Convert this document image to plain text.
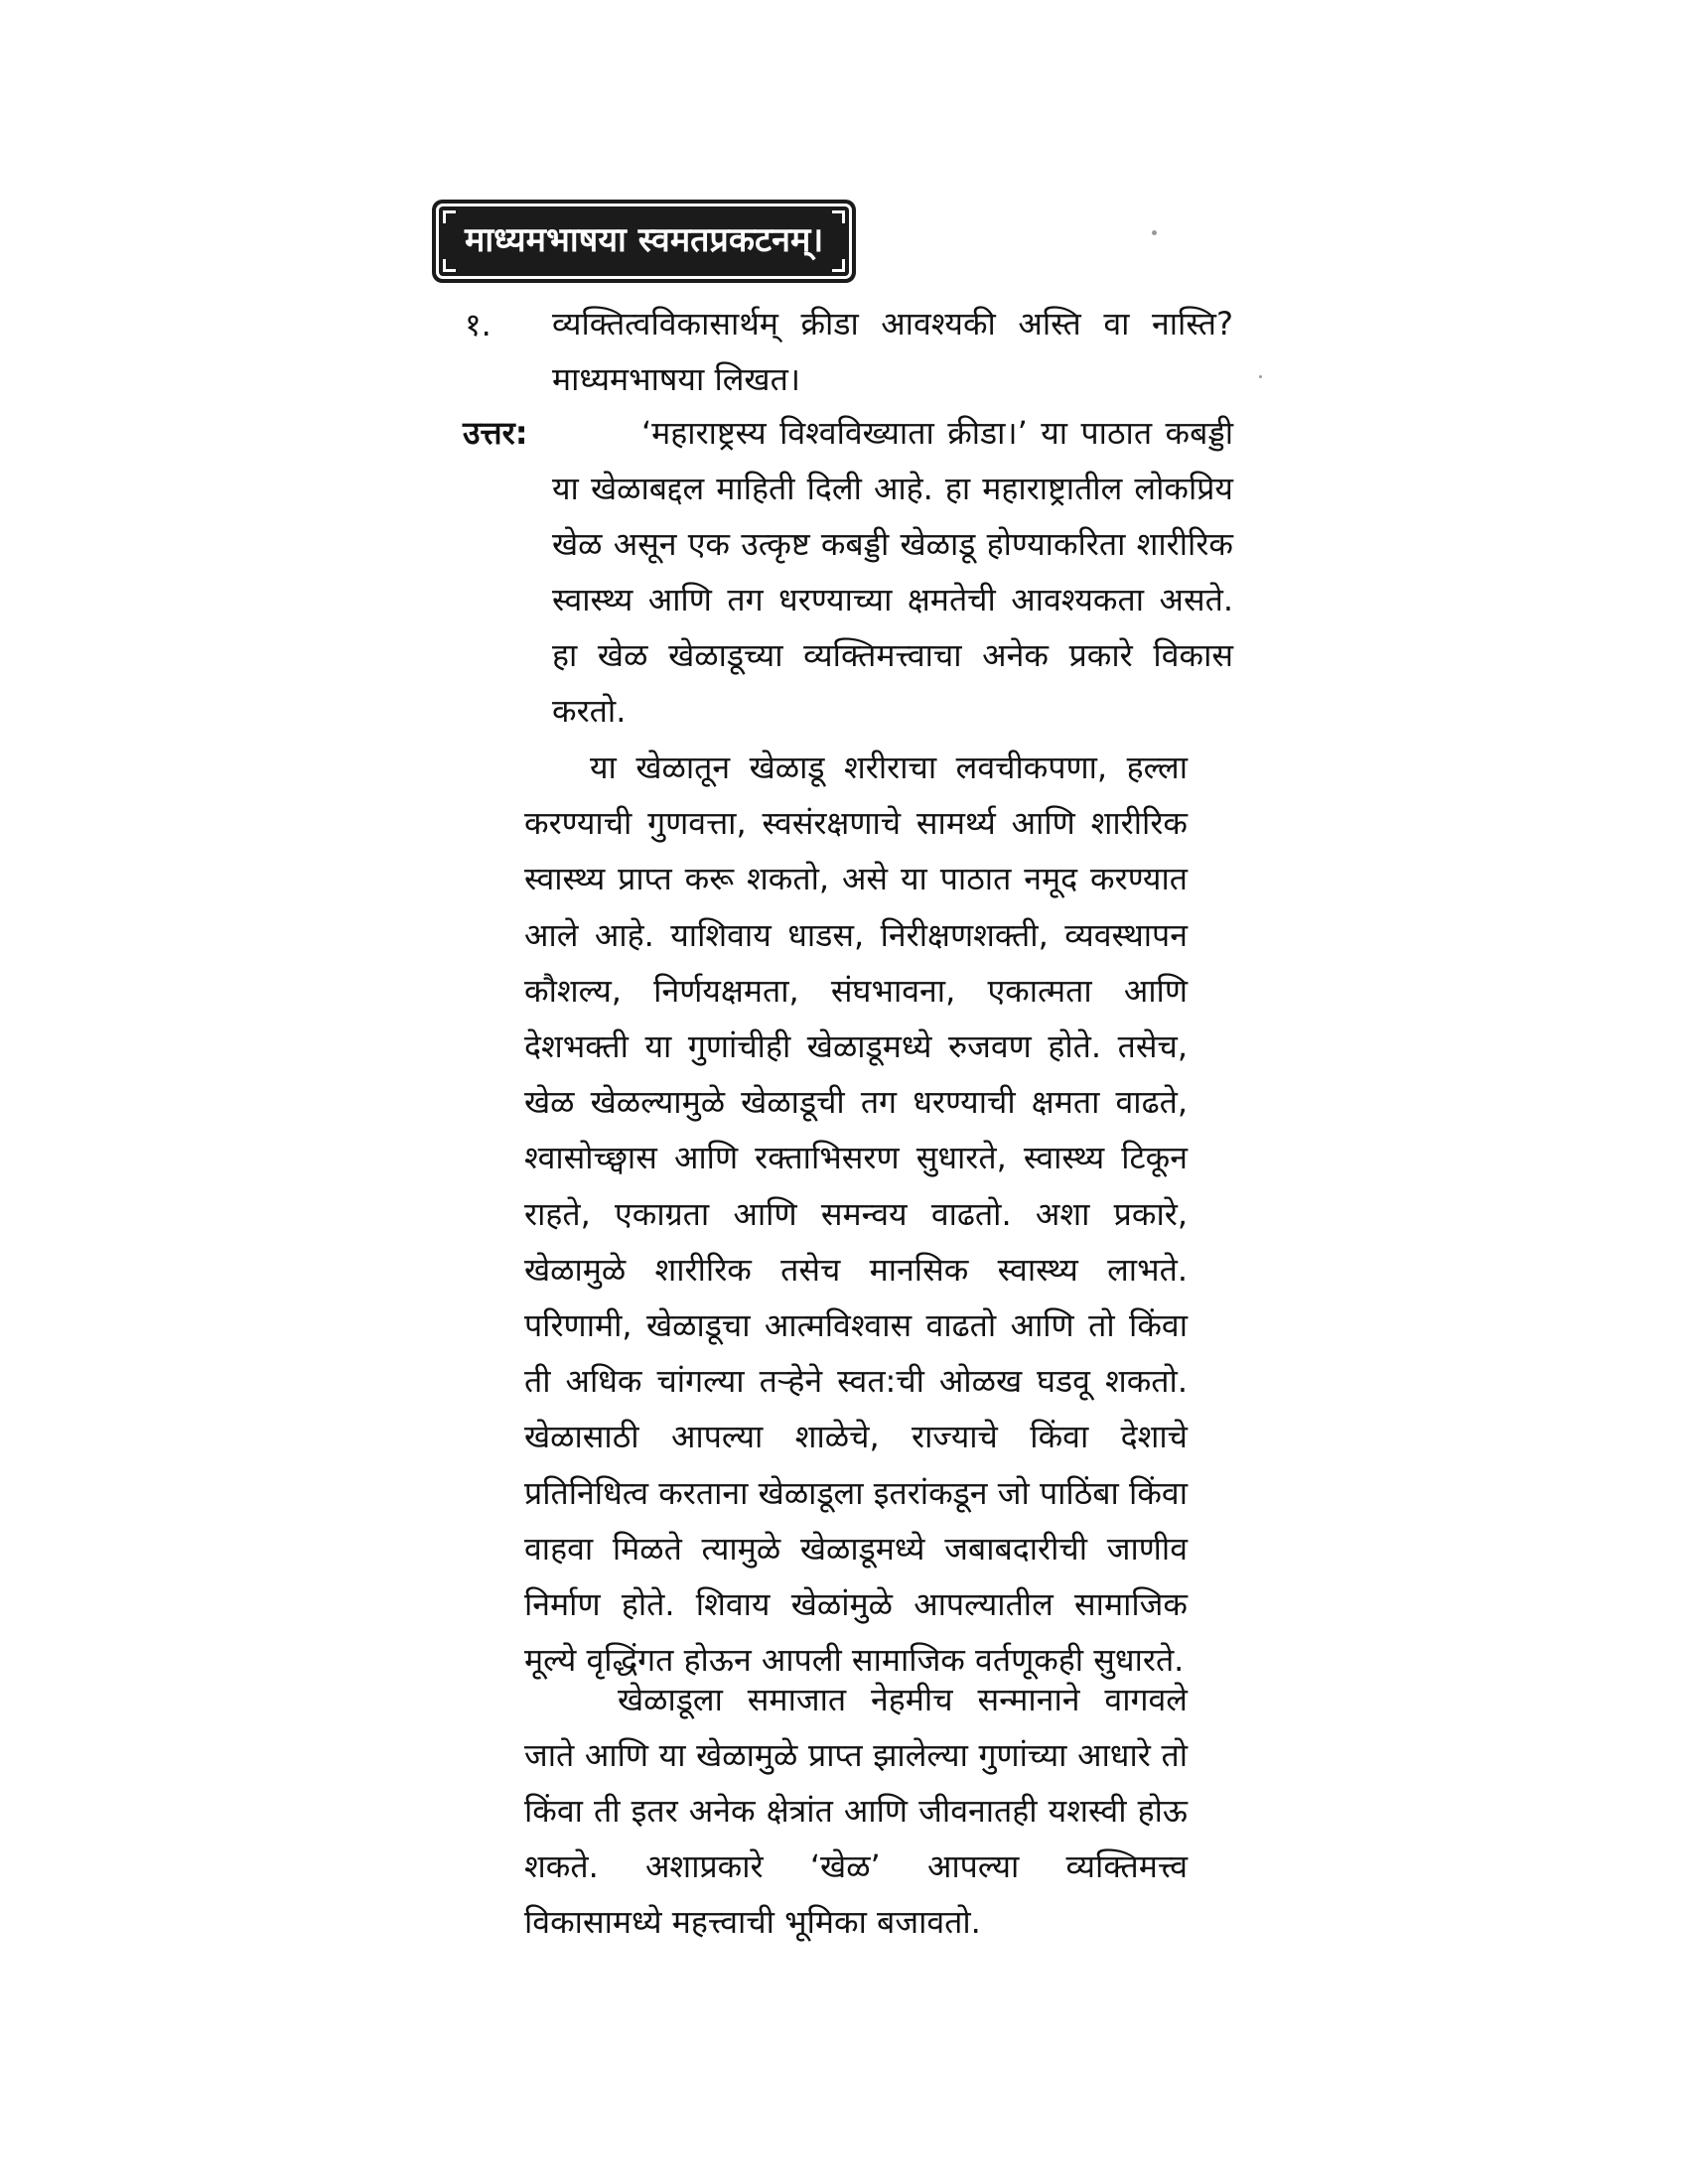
माध्यमभाषया स्वमतप्रकटनम्।
१. व्यक्तित्वविकासार्थम् क्रीडा आवश्यकी अस्ति वा नास्ति? माध्यमभाषया लिखत।
उत्तर:	‘महाराष्ट्रस्य विश्वविख्याता क्रीडा।’ या पाठात कबड्डी या खेळाबद्दल माहिती दिली आहे. हा महाराष्ट्रातील लोकप्रिय खेळ असून एक उत्कृष्ट कबड्डी खेळाडू होण्याकरिता शारीरिक स्वास्थ्य आणि तग धरण्याच्या क्षमतेची आवश्यकता असते. हा खेळ खेळाडूच्या व्यक्तिमत्त्वाचा अनेक प्रकारे विकास करतो.

या खेळातून खेळाडू शरीराचा लवचीकपणा, हल्ला करण्याची गुणवत्ता, स्वसंरक्षणाचे सामर्थ्य आणि शारीरिक स्वास्थ्य प्राप्त करू शकतो, असे या पाठात नमूद करण्यात आले आहे. याशिवाय धाडस, निरीक्षणशक्ती, व्यवस्थापन कौशल्य, निर्णयक्षमता, संघभावना, एकात्मता आणि देशभक्ती या गुणांचीही खेळाडूमध्ये रुजवण होते. तसेच, खेळ खेळल्यामुळे खेळाडूची तग धरण्याची क्षमता वाढते, श्वासोच्छ्वास आणि रक्ताभिसरण सुधारते, स्वास्थ्य टिकून राहते, एकाग्रता आणि समन्वय वाढतो. अशा प्रकारे, खेळामुळे शारीरिक तसेच मानसिक स्वास्थ्य लाभते. परिणामी, खेळाडूचा आत्मविश्वास वाढतो आणि तो किंवा ती अधिक चांगल्या तऱ्हेने स्वत:ची ओळख घडवू शकतो. खेळासाठी आपल्या शाळेचे, राज्याचे किंवा देशाचे प्रतिनिधित्व करताना खेळाडूला इतरांकडून जो पाठिंबा किंवा वाहवा मिळते त्यामुळे खेळाडूमध्ये जबाबदारीची जाणीव निर्माण होते. शिवाय खेळांमुळे आपल्यातील सामाजिक मूल्ये वृद्धिंगत होऊन आपली सामाजिक वर्तणूकही सुधारते.

खेळाडूला समाजात नेहमीच सन्मानाने वागवले जाते आणि या खेळामुळे प्राप्त झालेल्या गुणांच्या आधारे तो किंवा ती इतर अनेक क्षेत्रांत आणि जीवनातही यशस्वी होऊ शकते. अशाप्रकारे ‘खेळ’ आपल्या व्यक्तिमत्त्व विकासामध्ये महत्त्वाची भूमिका बजावतो.
